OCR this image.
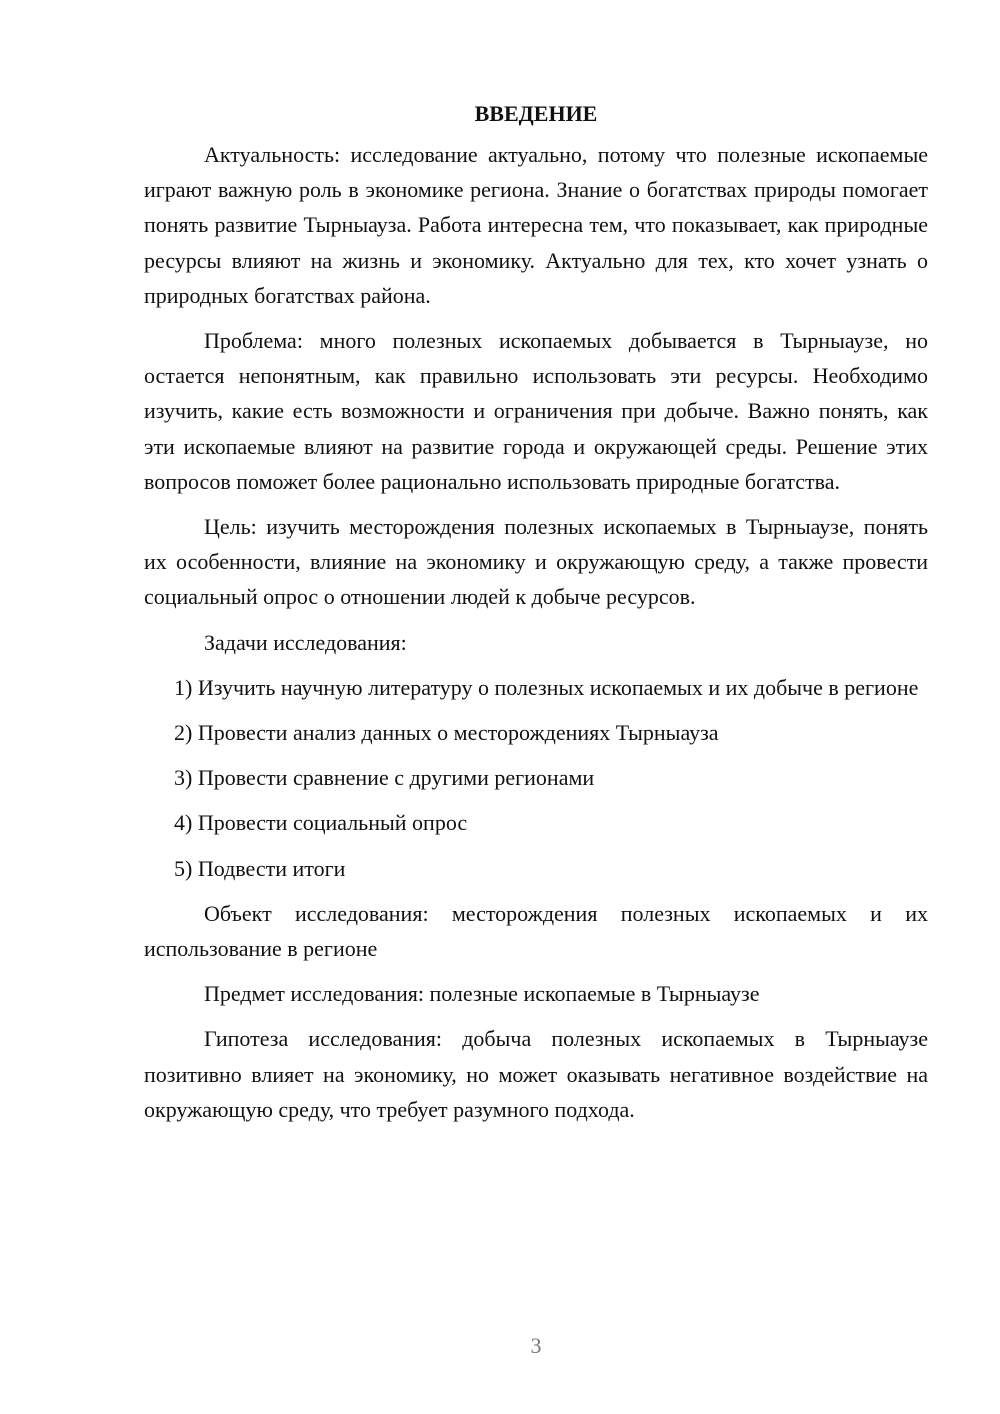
ВВЕДЕНИЕ

Актуальность: исследование актуально, потому что полезные ископаемые играют важную роль в экономике региона. Знание о богатствах природы помогает понять развитие Тырныауза. Работа интересна тем, что показывает, как природные ресурсы влияют на жизнь и экономику. Актуально для тех, кто хочет узнать о природных богатствах района.

Проблема: много полезных ископаемых добывается в Тырныаузе, но остается непонятным, как правильно использовать эти ресурсы. Необходимо изучить, какие есть возможности и ограничения при добыче. Важно понять, как эти ископаемые влияют на развитие города и окружающей среды. Решение этих вопросов поможет более рационально использовать природные богатства.

Цель: изучить месторождения полезных ископаемых в Тырныаузе, понять их особенности, влияние на экономику и окружающую среду, а также провести социальный опрос о отношении людей к добыче ресурсов.

Задачи исследования:

1) Изучить научную литературу о полезных ископаемых и их добыче в регионе

2) Провести анализ данных о месторождениях Тырныауза

3) Провести сравнение с другими регионами

4) Провести социальный опрос

5) Подвести итоги

Объект исследования: месторождения полезных ископаемых и их использование в регионе

Предмет исследования: полезные ископаемые в Тырныаузе

Гипотеза исследования: добыча полезных ископаемых в Тырныаузе позитивно влияет на экономику, но может оказывать негативное воздействие на окружающую среду, что требует разумного подхода.

3
